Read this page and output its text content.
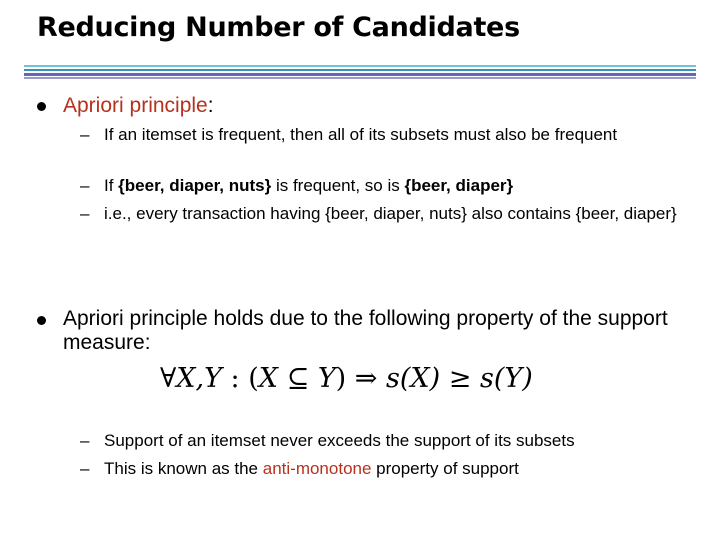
Reducing Number of Candidates
Apriori principle:
– If an itemset is frequent, then all of its subsets must also be frequent
– If {beer, diaper, nuts} is frequent, so is {beer, diaper}
– i.e., every transaction having {beer, diaper, nuts} also contains {beer, diaper}
Apriori principle holds due to the following property of the support measure:
∀X,Y : (X ⊆ Y) ⇒ s(X) ≥ s(Y)
– Support of an itemset never exceeds the support of its subsets
– This is known as the anti-monotone property of support
